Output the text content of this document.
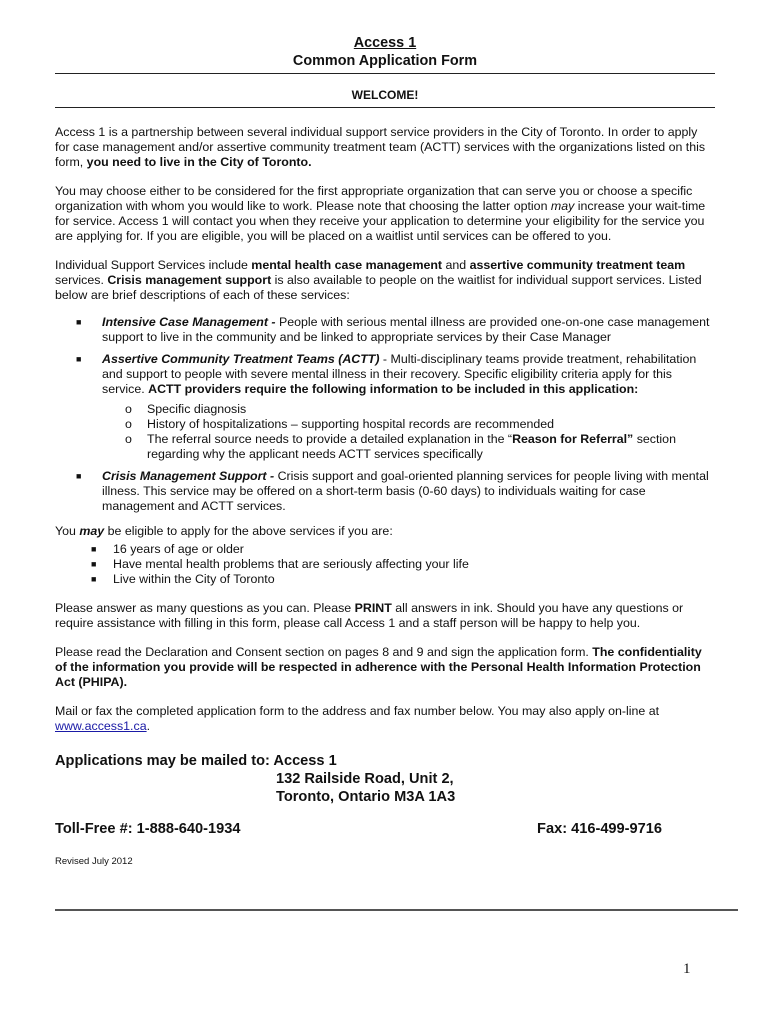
Access 1
Common Application Form
WELCOME!

Access 1 is a partnership between several individual support service providers in the City of Toronto. In order to apply for case management and/or assertive community treatment team (ACTT) services with the organizations listed on this form, you need to live in the City of Toronto.

You may choose either to be considered for the first appropriate organization that can serve you or choose a specific organization with whom you would like to work. Please note that choosing the latter option may increase your wait-time for service. Access 1 will contact you when they receive your application to determine your eligibility for the service you are applying for. If you are eligible, you will be placed on a waitlist until services can be offered to you.

Individual Support Services include mental health case management and assertive community treatment team services. Crisis management support is also available to people on the waitlist for individual support services. Listed below are brief descriptions of each of these services:

■ Intensive Case Management - People with serious mental illness are provided one-on-one case management support to live in the community and be linked to appropriate services by their Case Manager
■ Assertive Community Treatment Teams (ACTT) - Multi-disciplinary teams provide treatment, rehabilitation and support to people with severe mental illness in their recovery. Specific eligibility criteria apply for this service. ACTT providers require the following information to be included in this application:
o Specific diagnosis
o History of hospitalizations – supporting hospital records are recommended
o The referral source needs to provide a detailed explanation in the “Reason for Referral” section regarding why the applicant needs ACTT services specifically
■ Crisis Management Support - Crisis support and goal-oriented planning services for people living with mental illness. This service may be offered on a short-term basis (0-60 days) to individuals waiting for case management and ACTT services.

You may be eligible to apply for the above services if you are:

■ 16 years of age or older
■ Have mental health problems that are seriously affecting your life
■ Live within the City of Toronto

Please answer as many questions as you can. Please PRINT all answers in ink. Should you have any questions or require assistance with filling in this form, please call Access 1 and a staff person will be happy to help you.

Please read the Declaration and Consent section on pages 8 and 9 and sign the application form. The confidentiality of the information you provide will be respected in adherence with the Personal Health Information Protection Act (PHIPA).

Mail or fax the completed application form to the address and fax number below. You may also apply on-line at www.access1.ca.

Applications may be mailed to: Access 1
132 Railside Road, Unit 2,
Toronto, Ontario M3A 1A3
Toll-Free #: 1-888-640-1934	Fax: 416-499-9716
Revised July 2012
1
